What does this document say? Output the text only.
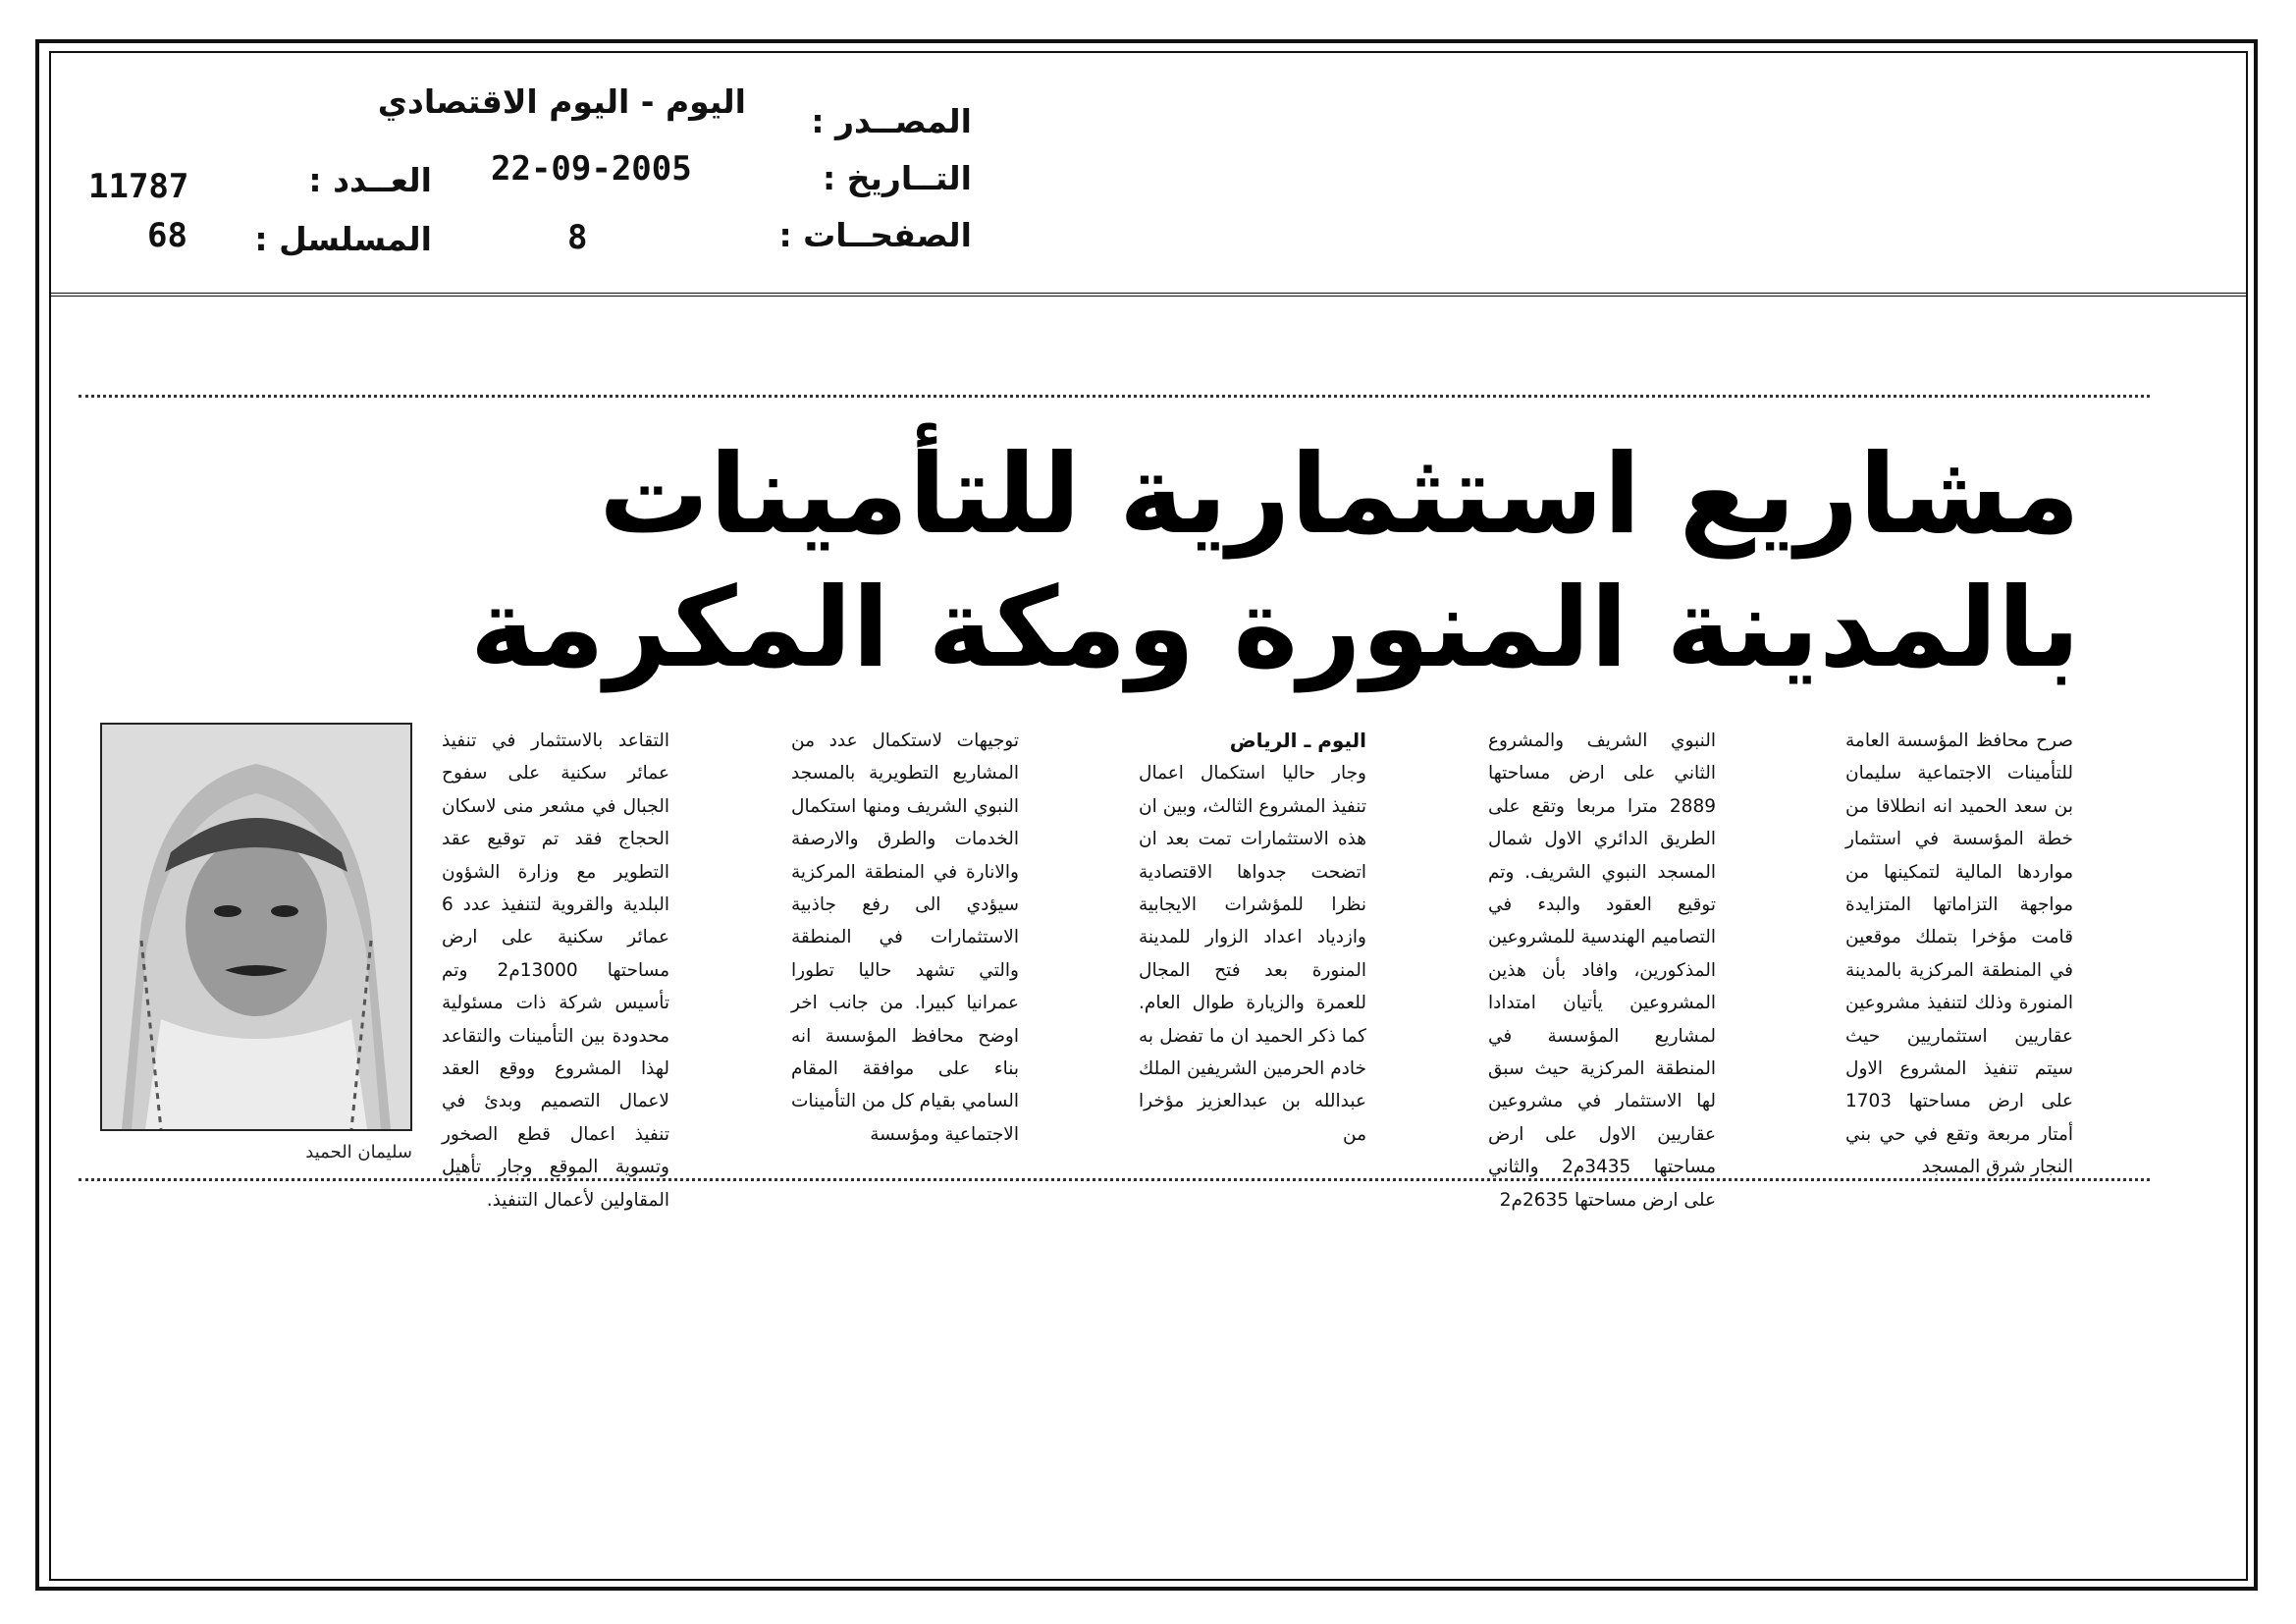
المصــدر :
اليوم - اليوم الاقتصادي
التــاريخ :
22-09-2005
الصفحــات :
8
العــدد :
11787
المسلسل :
68
مشاريع استثمارية للتأمينات
بالمدينة المنورة ومكة المكرمة
صرح محافظ المؤسسة العامة للتأمينات الاجتماعية سليمان بن سعد الحميد انه انطلاقا من خطة المؤسسة في استثمار مواردها المالية لتمكينها من مواجهة التزاماتها المتزايدة قامت مؤخرا بتملك موقعين في المنطقة المركزية بالمدينة المنورة وذلك لتنفيذ مشروعين عقاريين استثماريين حيث سيتم تنفيذ المشروع الاول على ارض مساحتها 1703 أمتار مربعة وتقع في حي بني النجار شرق المسجد
النبوي الشريف والمشروع الثاني على ارض مساحتها 2889 مترا مربعا وتقع على الطريق الدائري الاول شمال المسجد النبوي الشريف. وتم توقيع العقود والبدء في التصاميم الهندسية للمشروعين المذكورين، وافاد بأن هذين المشروعين يأتيان امتدادا لمشاريع المؤسسة في المنطقة المركزية حيث سبق لها الاستثمار في مشروعين عقاريين الاول على ارض مساحتها 3435م2 والثاني على ارض مساحتها 2635م2
اليوم ـ الرياض
وجار حاليا استكمال اعمال تنفيذ المشروع الثالث، وبين ان هذه الاستثمارات تمت بعد ان اتضحت جدواها الاقتصادية نظرا للمؤشرات الايجابية وازدياد اعداد الزوار للمدينة المنورة بعد فتح المجال للعمرة والزيارة طوال العام. كما ذكر الحميد ان ما تفضل به خادم الحرمين الشريفين الملك عبدالله بن عبدالعزيز مؤخرا من
توجيهات لاستكمال عدد من المشاريع التطويرية بالمسجد النبوي الشريف ومنها استكمال الخدمات والطرق والارصفة والانارة في المنطقة المركزية سيؤدي الى رفع جاذبية الاستثمارات في المنطقة والتي تشهد حاليا تطورا عمرانيا كبيرا. من جانب اخر اوضح محافظ المؤسسة انه بناء على موافقة المقام السامي بقيام كل من التأمينات الاجتماعية ومؤسسة
التقاعد بالاستثمار في تنفيذ عمائر سكنية على سفوح الجبال في مشعر منى لاسكان الحجاج فقد تم توقيع عقد التطوير مع وزارة الشؤون البلدية والقروية لتنفيذ عدد 6 عمائر سكنية على ارض مساحتها 13000م2 وتم تأسيس شركة ذات مسئولية محدودة بين التأمينات والتقاعد لهذا المشروع ووقع العقد لاعمال التصميم وبدئ في تنفيذ اعمال قطع الصخور وتسوية الموقع وجار تأهيل المقاولين لأعمال التنفيذ.
سليمان الحميد
